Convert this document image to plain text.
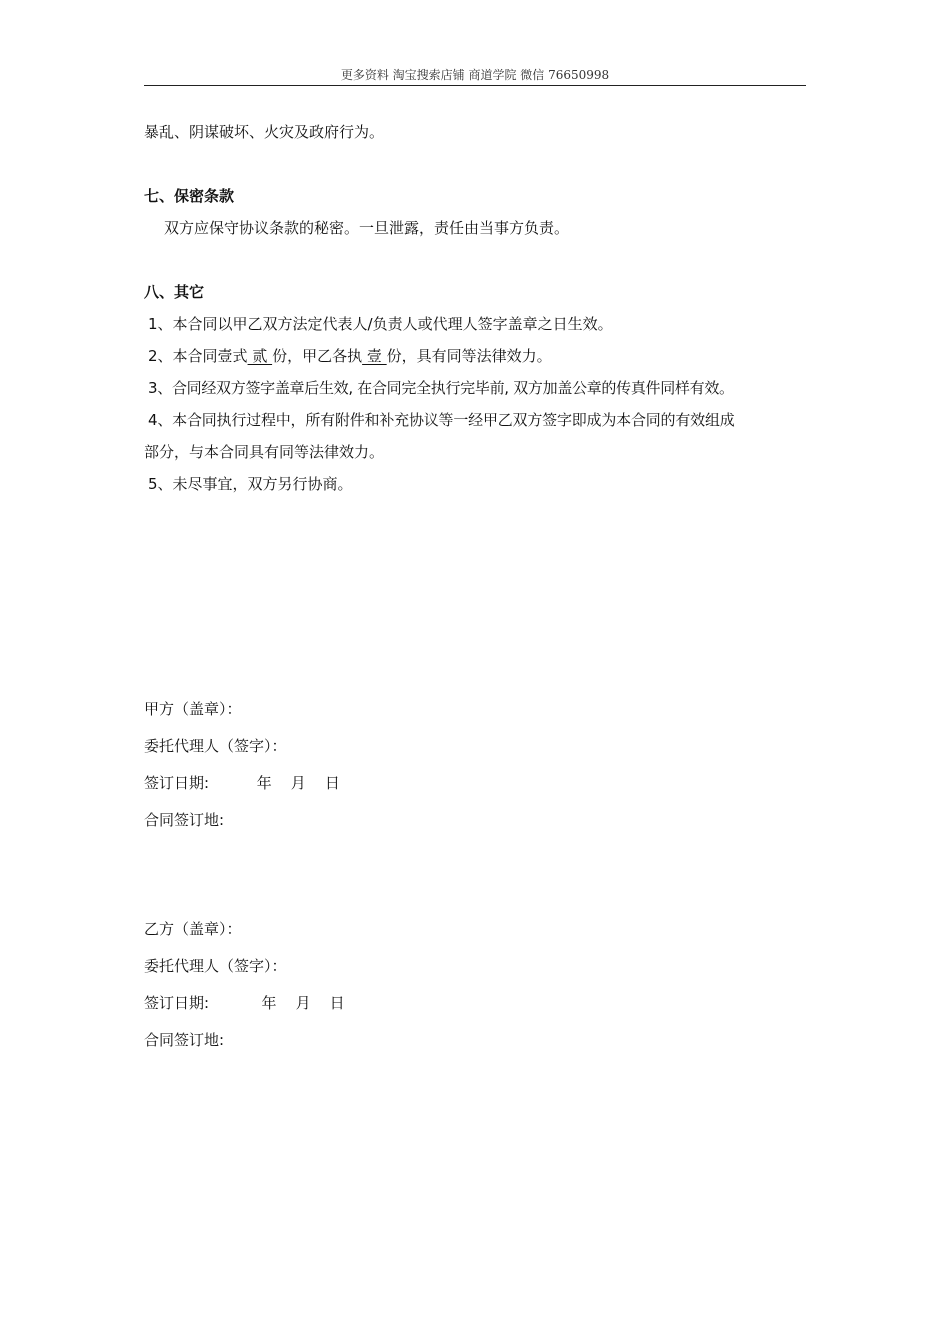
更多资料 淘宝搜索店铺 商道学院 微信 76650998
暴乱、阴谋破坏、火灾及政府行为。
七、保密条款
双方应保守协议条款的秘密。一旦泄露，责任由当事方负责。
八、其它
1、本合同以甲乙双方法定代表人/负责人或代理人签字盖章之日生效。
2、本合同壹式 贰 份，甲乙各执 壹 份，具有同等法律效力。
3、合同经双方签字盖章后生效, 在合同完全执行完毕前, 双方加盖公章的传真件同样有效。
4、本合同执行过程中，所有附件和补充协议等一经甲乙双方签字即成为本合同的有效组成
部分，与本合同具有同等法律效力。
5、未尽事宜，双方另行协商。
甲方（盖章）：
委托代理人（签字）：
签订日期:          年    月    日
合同签订地:
乙方（盖章）：
委托代理人（签字）：
签订日期:           年    月    日
合同签订地:
